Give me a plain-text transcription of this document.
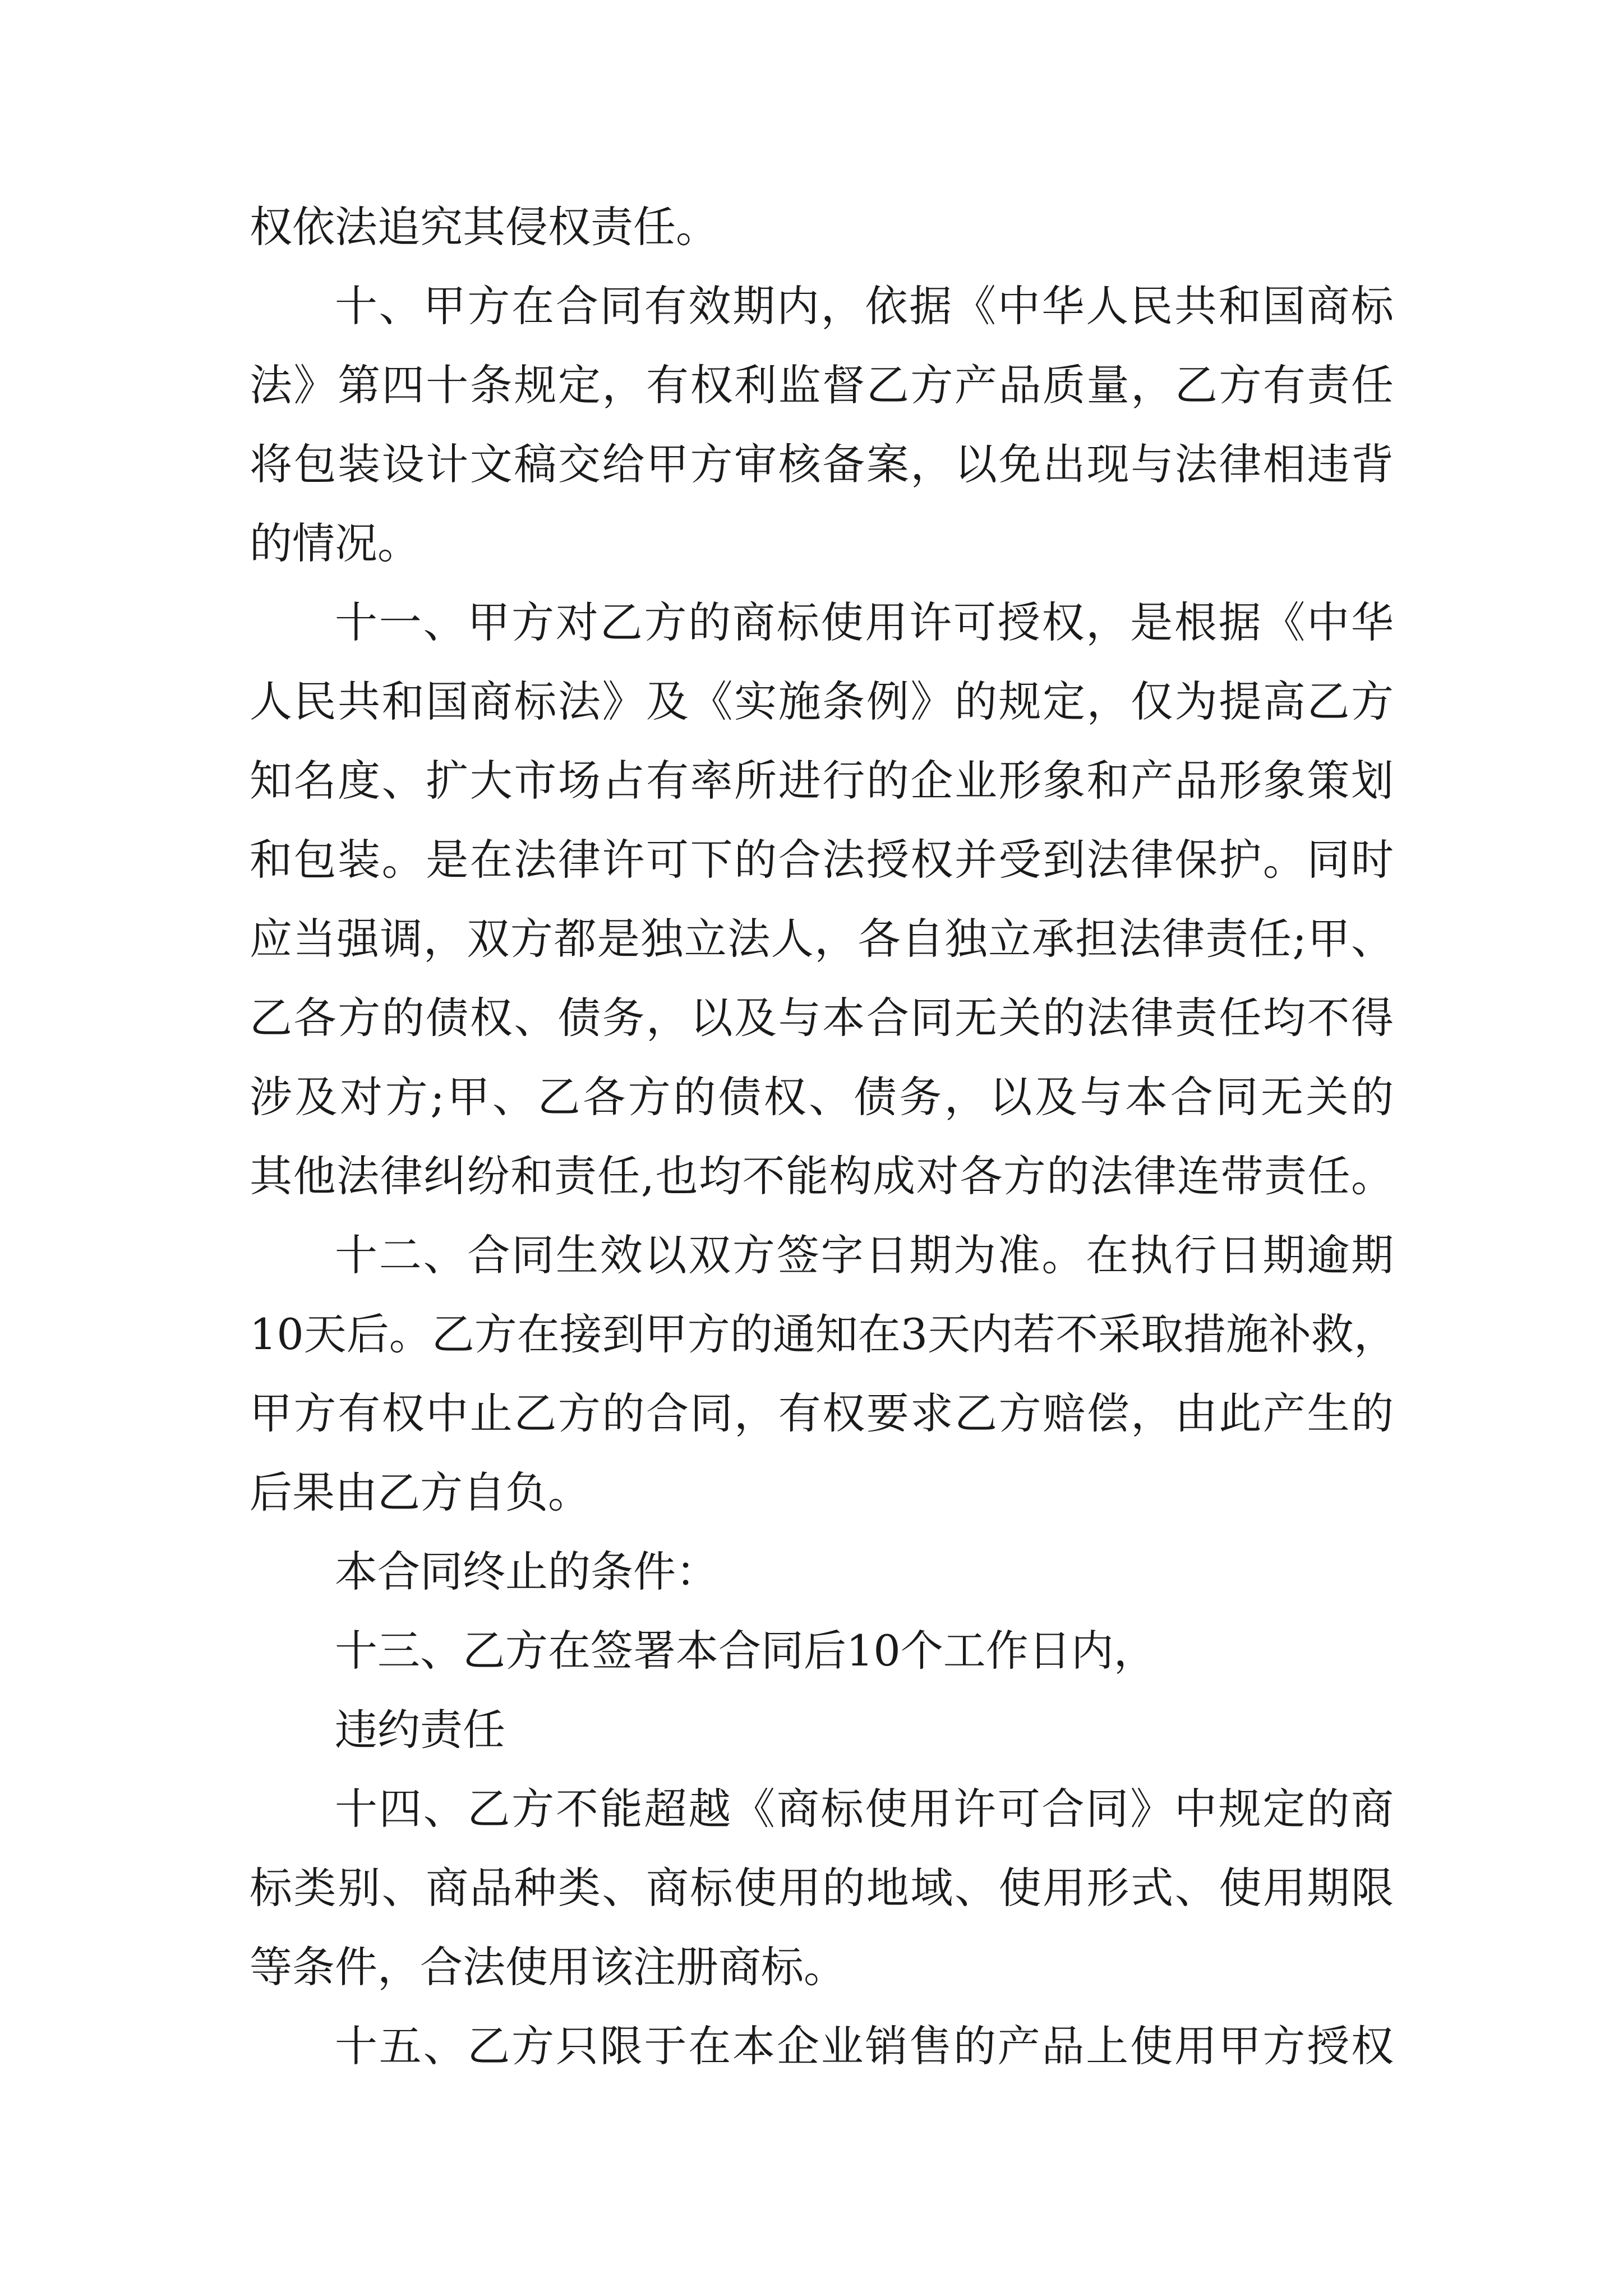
权依法追究其侵权责任。

十、甲方在合同有效期内，依据《中华人民共和国商标

法》第四十条规定，有权利监督乙方产品质量，乙方有责任

将包装设计文稿交给甲方审核备案，以免出现与法律相违背

的情况。

十一、甲方对乙方的商标使用许可授权，是根据《中华

人民共和国商标法》及《实施条例》的规定，仅为提高乙方

知名度、扩大市场占有率所进行的企业形象和产品形象策划

和包装。是在法律许可下的合法授权并受到法律保护。同时

应当强调，双方都是独立法人，各自独立承担法律责任;甲、

乙各方的债权、债务，以及与本合同无关的法律责任均不得

涉及对方;甲、乙各方的债权、债务，以及与本合同无关的

其他法律纠纷和责任,也均不能构成对各方的法律连带责任。

十二、合同生效以双方签字日期为准。在执行日期逾期

10天后。乙方在接到甲方的通知在3天内若不采取措施补救，

甲方有权中止乙方的合同，有权要求乙方赔偿，由此产生的

后果由乙方自负。

本合同终止的条件：

十三、乙方在签署本合同后10个工作日内，

违约责任

十四、乙方不能超越《商标使用许可合同》中规定的商

标类别、商品种类、商标使用的地域、使用形式、使用期限

等条件，合法使用该注册商标。

十五、乙方只限于在本企业销售的产品上使用甲方授权
